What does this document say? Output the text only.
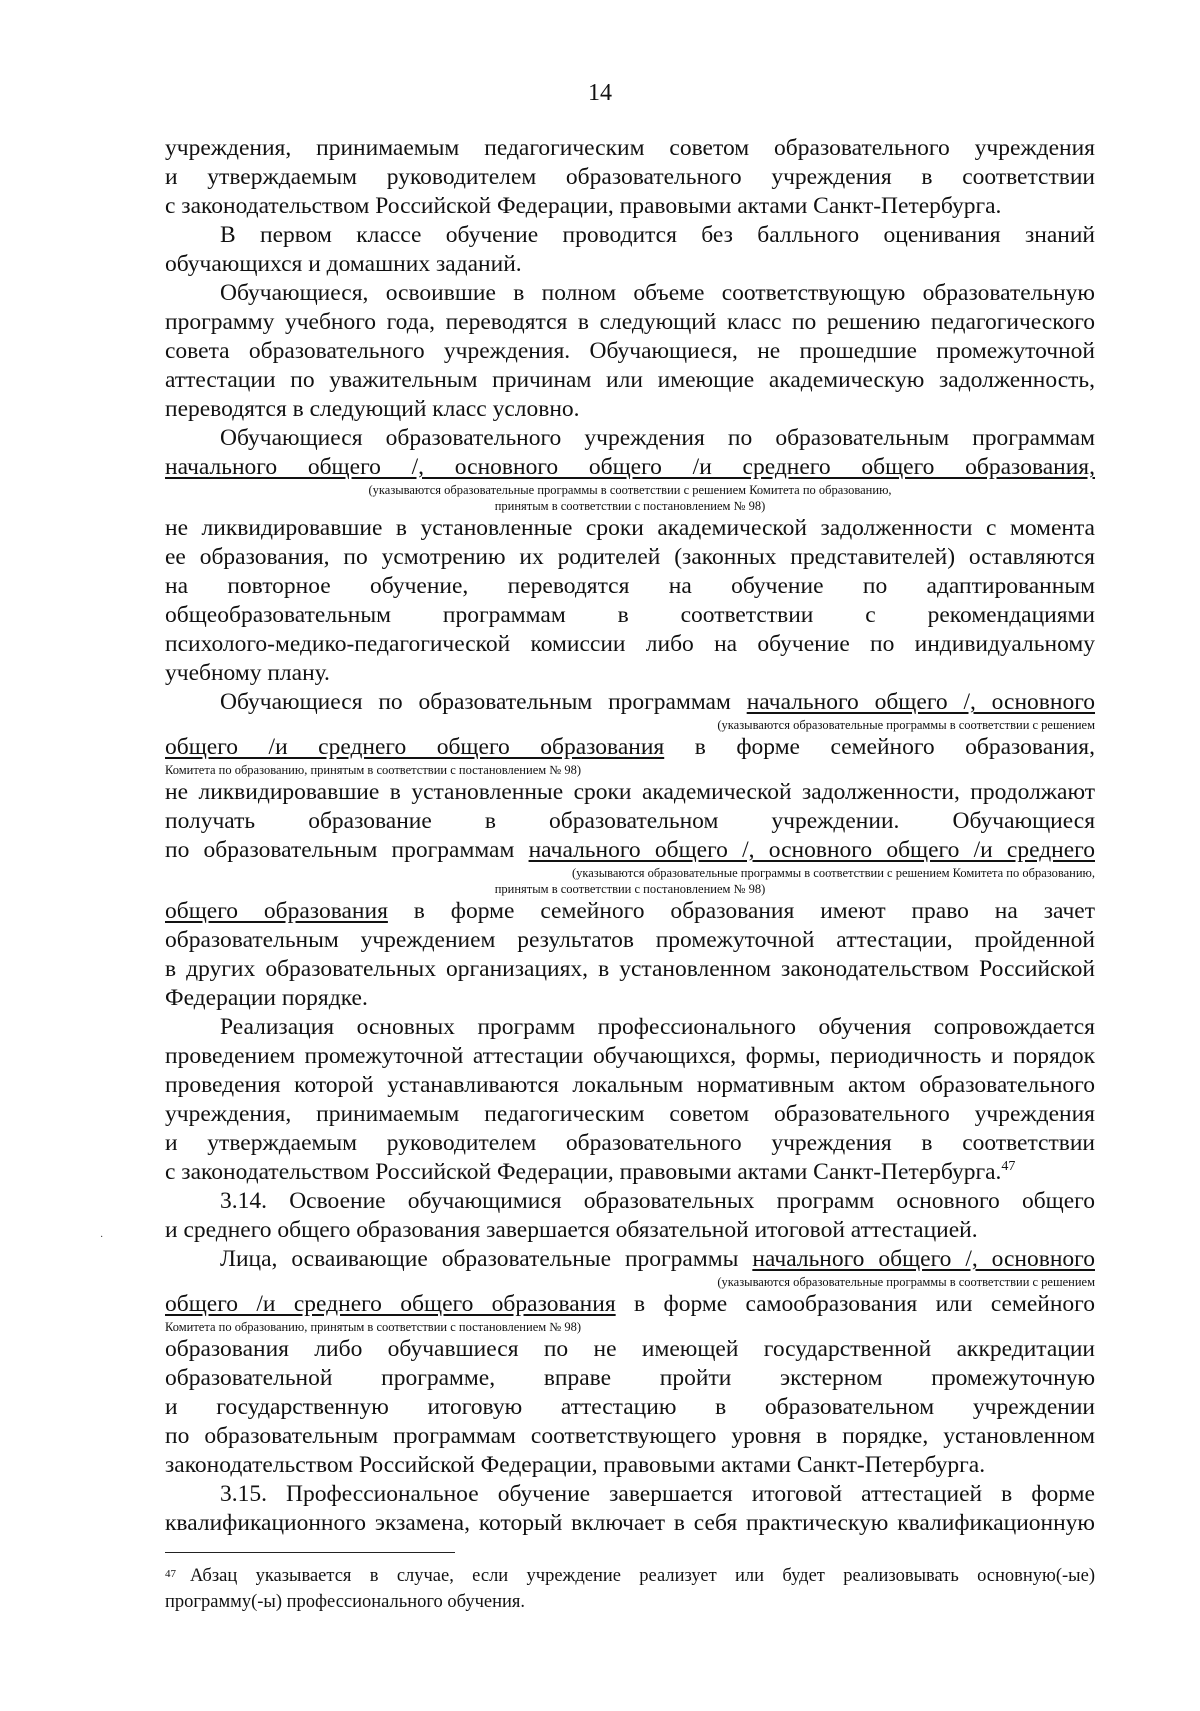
14
учреждения, принимаемым педагогическим советом образовательного учреждения
и утверждаемым руководителем образовательного учреждения в соответствии
с законодательством Российской Федерации, правовыми актами Санкт-Петербурга.
В первом классе обучение проводится без балльного оценивания знаний
обучающихся и домашних заданий.
Обучающиеся, освоившие в полном объеме соответствующую образовательную
программу учебного года, переводятся в следующий класс по решению педагогического
совета образовательного учреждения. Обучающиеся, не прошедшие промежуточной
аттестации по уважительным причинам или имеющие академическую задолженность,
переводятся в следующий класс условно.
Обучающиеся образовательного учреждения по образовательным программам
начального общего /, основного общего /и среднего общего образования,
(указываются образовательные программы в соответствии с решением Комитета по образованию,
принятым в соответствии с постановлением № 98)
не ликвидировавшие в установленные сроки академической задолженности с момента
ее образования, по усмотрению их родителей (законных представителей) оставляются
на повторное обучение, переводятся на обучение по адаптированным
общеобразовательным программам в соответствии с рекомендациями
психолого-медико-педагогической комиссии либо на обучение по индивидуальному
учебному плану.
Обучающиеся по образовательным программам начального общего /, основного
(указываются образовательные программы в соответствии с решением
общего /и среднего общего образования в форме семейного образования,
Комитета по образованию, принятым в соответствии с постановлением № 98)
не ликвидировавшие в установленные сроки академической задолженности, продолжают
получать образование в образовательном учреждении. Обучающиеся
по образовательным программам начального общего /, основного общего /и среднего
(указываются образовательные программы в соответствии с решением Комитета по образованию,
принятым в соответствии с постановлением № 98)
общего образования в форме семейного образования имеют право на зачет
образовательным учреждением результатов промежуточной аттестации, пройденной
в других образовательных организациях, в установленном законодательством Российской
Федерации порядке.
Реализация основных программ профессионального обучения сопровождается
проведением промежуточной аттестации обучающихся, формы, периодичность и порядок
проведения которой устанавливаются локальным нормативным актом образовательного
учреждения, принимаемым педагогическим советом образовательного учреждения
и утверждаемым руководителем образовательного учреждения в соответствии
с законодательством Российской Федерации, правовыми актами Санкт-Петербурга.$^{47}$
3.14. Освоение обучающимися образовательных программ основного общего
и среднего общего образования завершается обязательной итоговой аттестацией.
Лица, осваивающие образовательные программы начального общего /, основного
(указываются образовательные программы в соответствии с решением
общего /и среднего общего образования в форме самообразования или семейного
Комитета по образованию, принятым в соответствии с постановлением № 98)
образования либо обучавшиеся по не имеющей государственной аккредитации
образовательной программе, вправе пройти экстерном промежуточную
и государственную итоговую аттестацию в образовательном учреждении
по образовательным программам соответствующего уровня в порядке, установленном
законодательством Российской Федерации, правовыми актами Санкт-Петербурга.
3.15. Профессиональное обучение завершается итоговой аттестацией в форме
квалификационного экзамена, который включает в себя практическую квалификационную
·
$^{47}$ Абзац указывается в случае, если учреждение реализует или будет реализовывать основную(-ые)
программу(-ы) профессионального обучения.
